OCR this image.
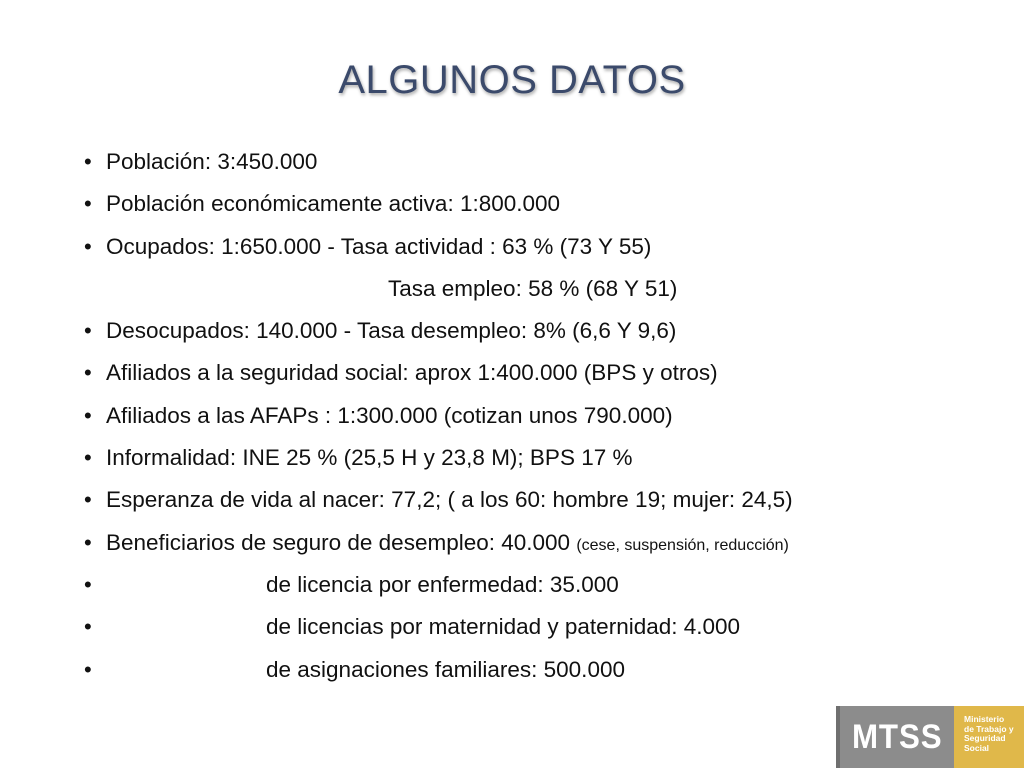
ALGUNOS DATOS
• Población: 3:450.000
• Población económicamente activa: 1:800.000
• Ocupados: 1:650.000 - Tasa actividad : 63 % (73 Y 55)
Tasa empleo: 58 % (68 Y 51)
• Desocupados: 140.000 - Tasa desempleo: 8% (6,6 Y 9,6)
• Afiliados a la seguridad social: aprox 1:400.000 (BPS y otros)
• Afiliados a las AFAPs : 1:300.000 (cotizan unos 790.000)
• Informalidad: INE 25 % (25,5 H y 23,8 M); BPS 17 %
• Esperanza de vida al nacer: 77,2; ( a los 60: hombre 19; mujer: 24,5)
• Beneficiarios de seguro de desempleo: 40.000 (cese, suspensión, reducción)
•	de licencia por enfermedad: 35.000
•	de licencias por maternidad y paternidad: 4.000
•	de asignaciones familiares: 500.000
MTSS	Ministerio
de Trabajo y
Seguridad
Social
